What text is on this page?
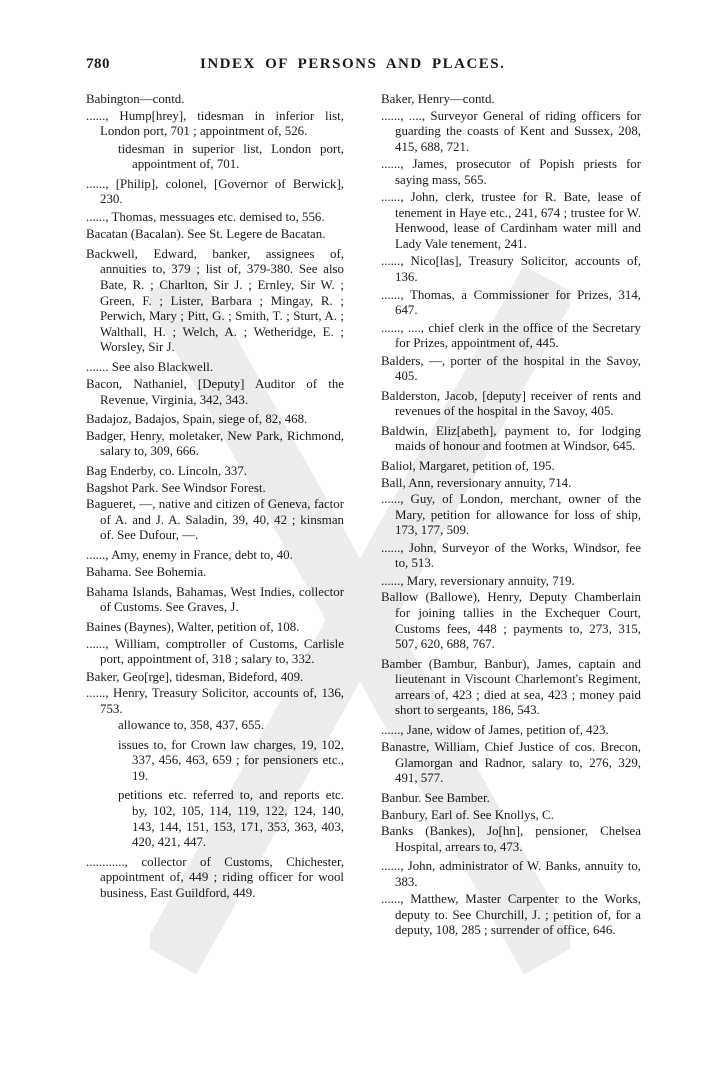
780	INDEX OF PERSONS AND PLACES.

Babington—contd.

......, Hump[hrey], tidesman in inferior list, London port, 701 ; appointment of, 526.

tidesman in superior list, London port, appointment of, 701.

......, [Philip], colonel, [Governor of Berwick], 230.

......, Thomas, messuages etc. demised to, 556.

Bacatan (Bacalan). See St. Legere de Bacatan.

Backwell, Edward, banker, assignees of, annuities to, 379 ; list of, 379-380. See also Bate, R. ; Charlton, Sir J. ; Ernley, Sir W. ; Green, F. ; Lister, Barbara ; Mingay, R. ; Perwich, Mary ; Pitt, G. ; Smith, T. ; Sturt, A. ; Walthall, H. ; Welch, A. ; Wetheridge, E. ; Worsley, Sir J.

....... See also Blackwell.

Bacon, Nathaniel, [Deputy] Auditor of the Revenue, Virginia, 342, 343.

Badajoz, Badajos, Spain, siege of, 82, 468.

Badger, Henry, moletaker, New Park, Richmond, salary to, 309, 666.

Bag Enderby, co. Lincoln, 337.

Bagshot Park. See Windsor Forest.

Bagueret, —, native and citizen of Geneva, factor of A. and J. A. Saladin, 39, 40, 42 ; kinsman of. See Dufour, —.

......, Amy, enemy in France, debt to, 40.

Bahama. See Bohemia.

Bahama Islands, Bahamas, West Indies, collector of Customs. See Graves, J.

Baines (Baynes), Walter, petition of, 108.

......, William, comptroller of Customs, Carlisle port, appointment of, 318 ; salary to, 332.

Baker, Geo[rge], tidesman, Bideford, 409.

......, Henry, Treasury Solicitor, accounts of, 136, 753.

allowance to, 358, 437, 655.

issues to, for Crown law charges, 19, 102, 337, 456, 463, 659 ; for pensioners etc., 19.

petitions etc. referred to, and reports etc. by, 102, 105, 114, 119, 122, 124, 140, 143, 144, 151, 153, 171, 353, 363, 403, 420, 421, 447.

............, collector of Customs, Chichester, appointment of, 449 ; riding officer for wool business, East Guildford, 449.

Baker, Henry—contd.

......, ...., Surveyor General of riding officers for guarding the coasts of Kent and Sussex, 208, 415, 688, 721.

......, James, prosecutor of Popish priests for saying mass, 565.

......, John, clerk, trustee for R. Bate, lease of tenement in Haye etc., 241, 674 ; trustee for W. Henwood, lease of Cardinham water mill and Lady Vale tenement, 241.

......, Nico[las], Treasury Solicitor, accounts of, 136.

......, Thomas, a Commissioner for Prizes, 314, 647.

......, ...., chief clerk in the office of the Secretary for Prizes, appointment of, 445.

Balders, —, porter of the hospital in the Savoy, 405.

Balderston, Jacob, [deputy] receiver of rents and revenues of the hospital in the Savoy, 405.

Baldwin, Eliz[abeth], payment to, for lodging maids of honour and footmen at Windsor, 645.

Baliol, Margaret, petition of, 195.

Ball, Ann, reversionary annuity, 714.

......, Guy, of London, merchant, owner of the Mary, petition for allowance for loss of ship, 173, 177, 509.

......, John, Surveyor of the Works, Windsor, fee to, 513.

......, Mary, reversionary annuity, 719.

Ballow (Ballowe), Henry, Deputy Chamberlain for joining tallies in the Exchequer Court, Customs fees, 448 ; payments to, 273, 315, 507, 620, 688, 767.

Bamber (Bambur, Banbur), James, captain and lieutenant in Viscount Charlemont's Regiment, arrears of, 423 ; died at sea, 423 ; money paid short to sergeants, 186, 543.

......, Jane, widow of James, petition of, 423.

Banastre, William, Chief Justice of cos. Brecon, Glamorgan and Radnor, salary to, 276, 329, 491, 577.

Banbur. See Bamber.

Banbury, Earl of. See Knollys, C.

Banks (Bankes), Jo[hn], pensioner, Chelsea Hospital, arrears to, 473.

......, John, administrator of W. Banks, annuity to, 383.

......, Matthew, Master Carpenter to the Works, deputy to. See Churchill, J. ; petition of, for a deputy, 108, 285 ; surrender of office, 646.
